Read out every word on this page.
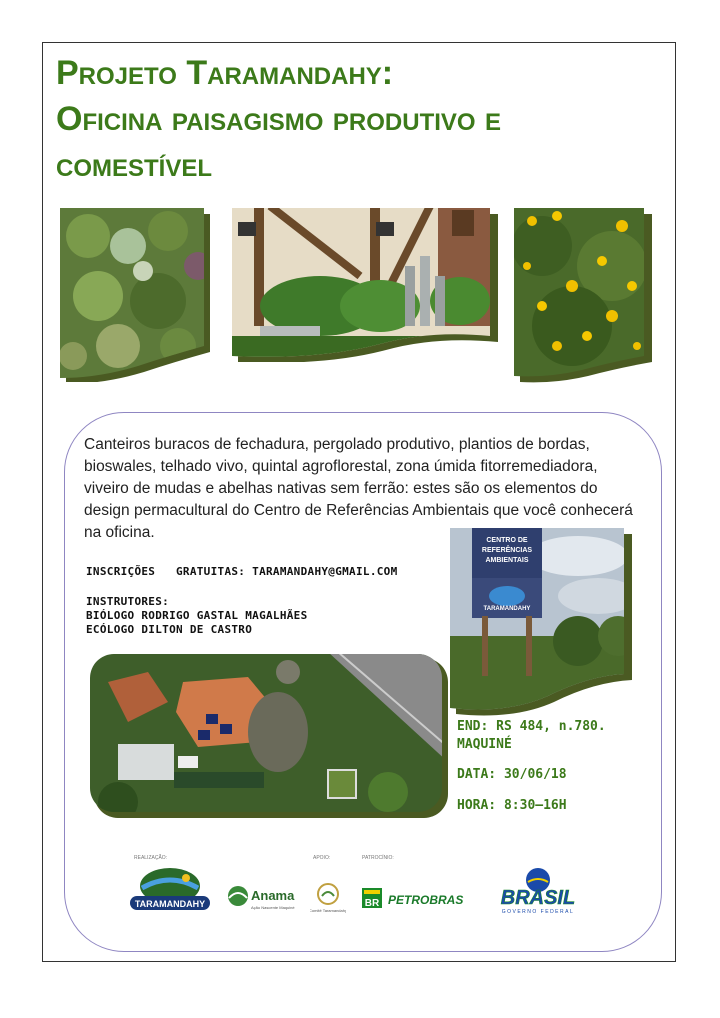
Projeto Taramandahy:
Oficina paisagismo produtivo e
comestível

Canteiros buracos de fechadura, pergolado produtivo, plantios de bordas, bioswales, telhado vivo, quintal agroflorestal, zona úmida fitorremediadora, viveiro de mudas e abelhas nativas sem ferrão: estes são os elementos do design permacultural do Centro de Referências Ambientais que você conhecerá na oficina.

INSCRIÇÕES   GRATUITAS: TARAMANDAHY@GMAIL.COM

INSTRUTORES:

BIÓLOGO RODRIGO GASTAL MAGALHÃES

ECÓLOGO DILTON DE CASTRO

CENTRO DE
REFERÊNCIAS
AMBIENTAIS
TARAMANDAHY

END: RS 484, n.780.

MAQUINÉ

DATA: 30/06/18

HORA: 8:30—16H

REALIZAÇÃO:	APOIO:	PATROCÍNIO:
TARAMANDAHY
Anama
Ação Nascente Maquiné
Comitê Taramandahy
BR PETROBRAS BRASIL
GOVERNO FEDERAL
